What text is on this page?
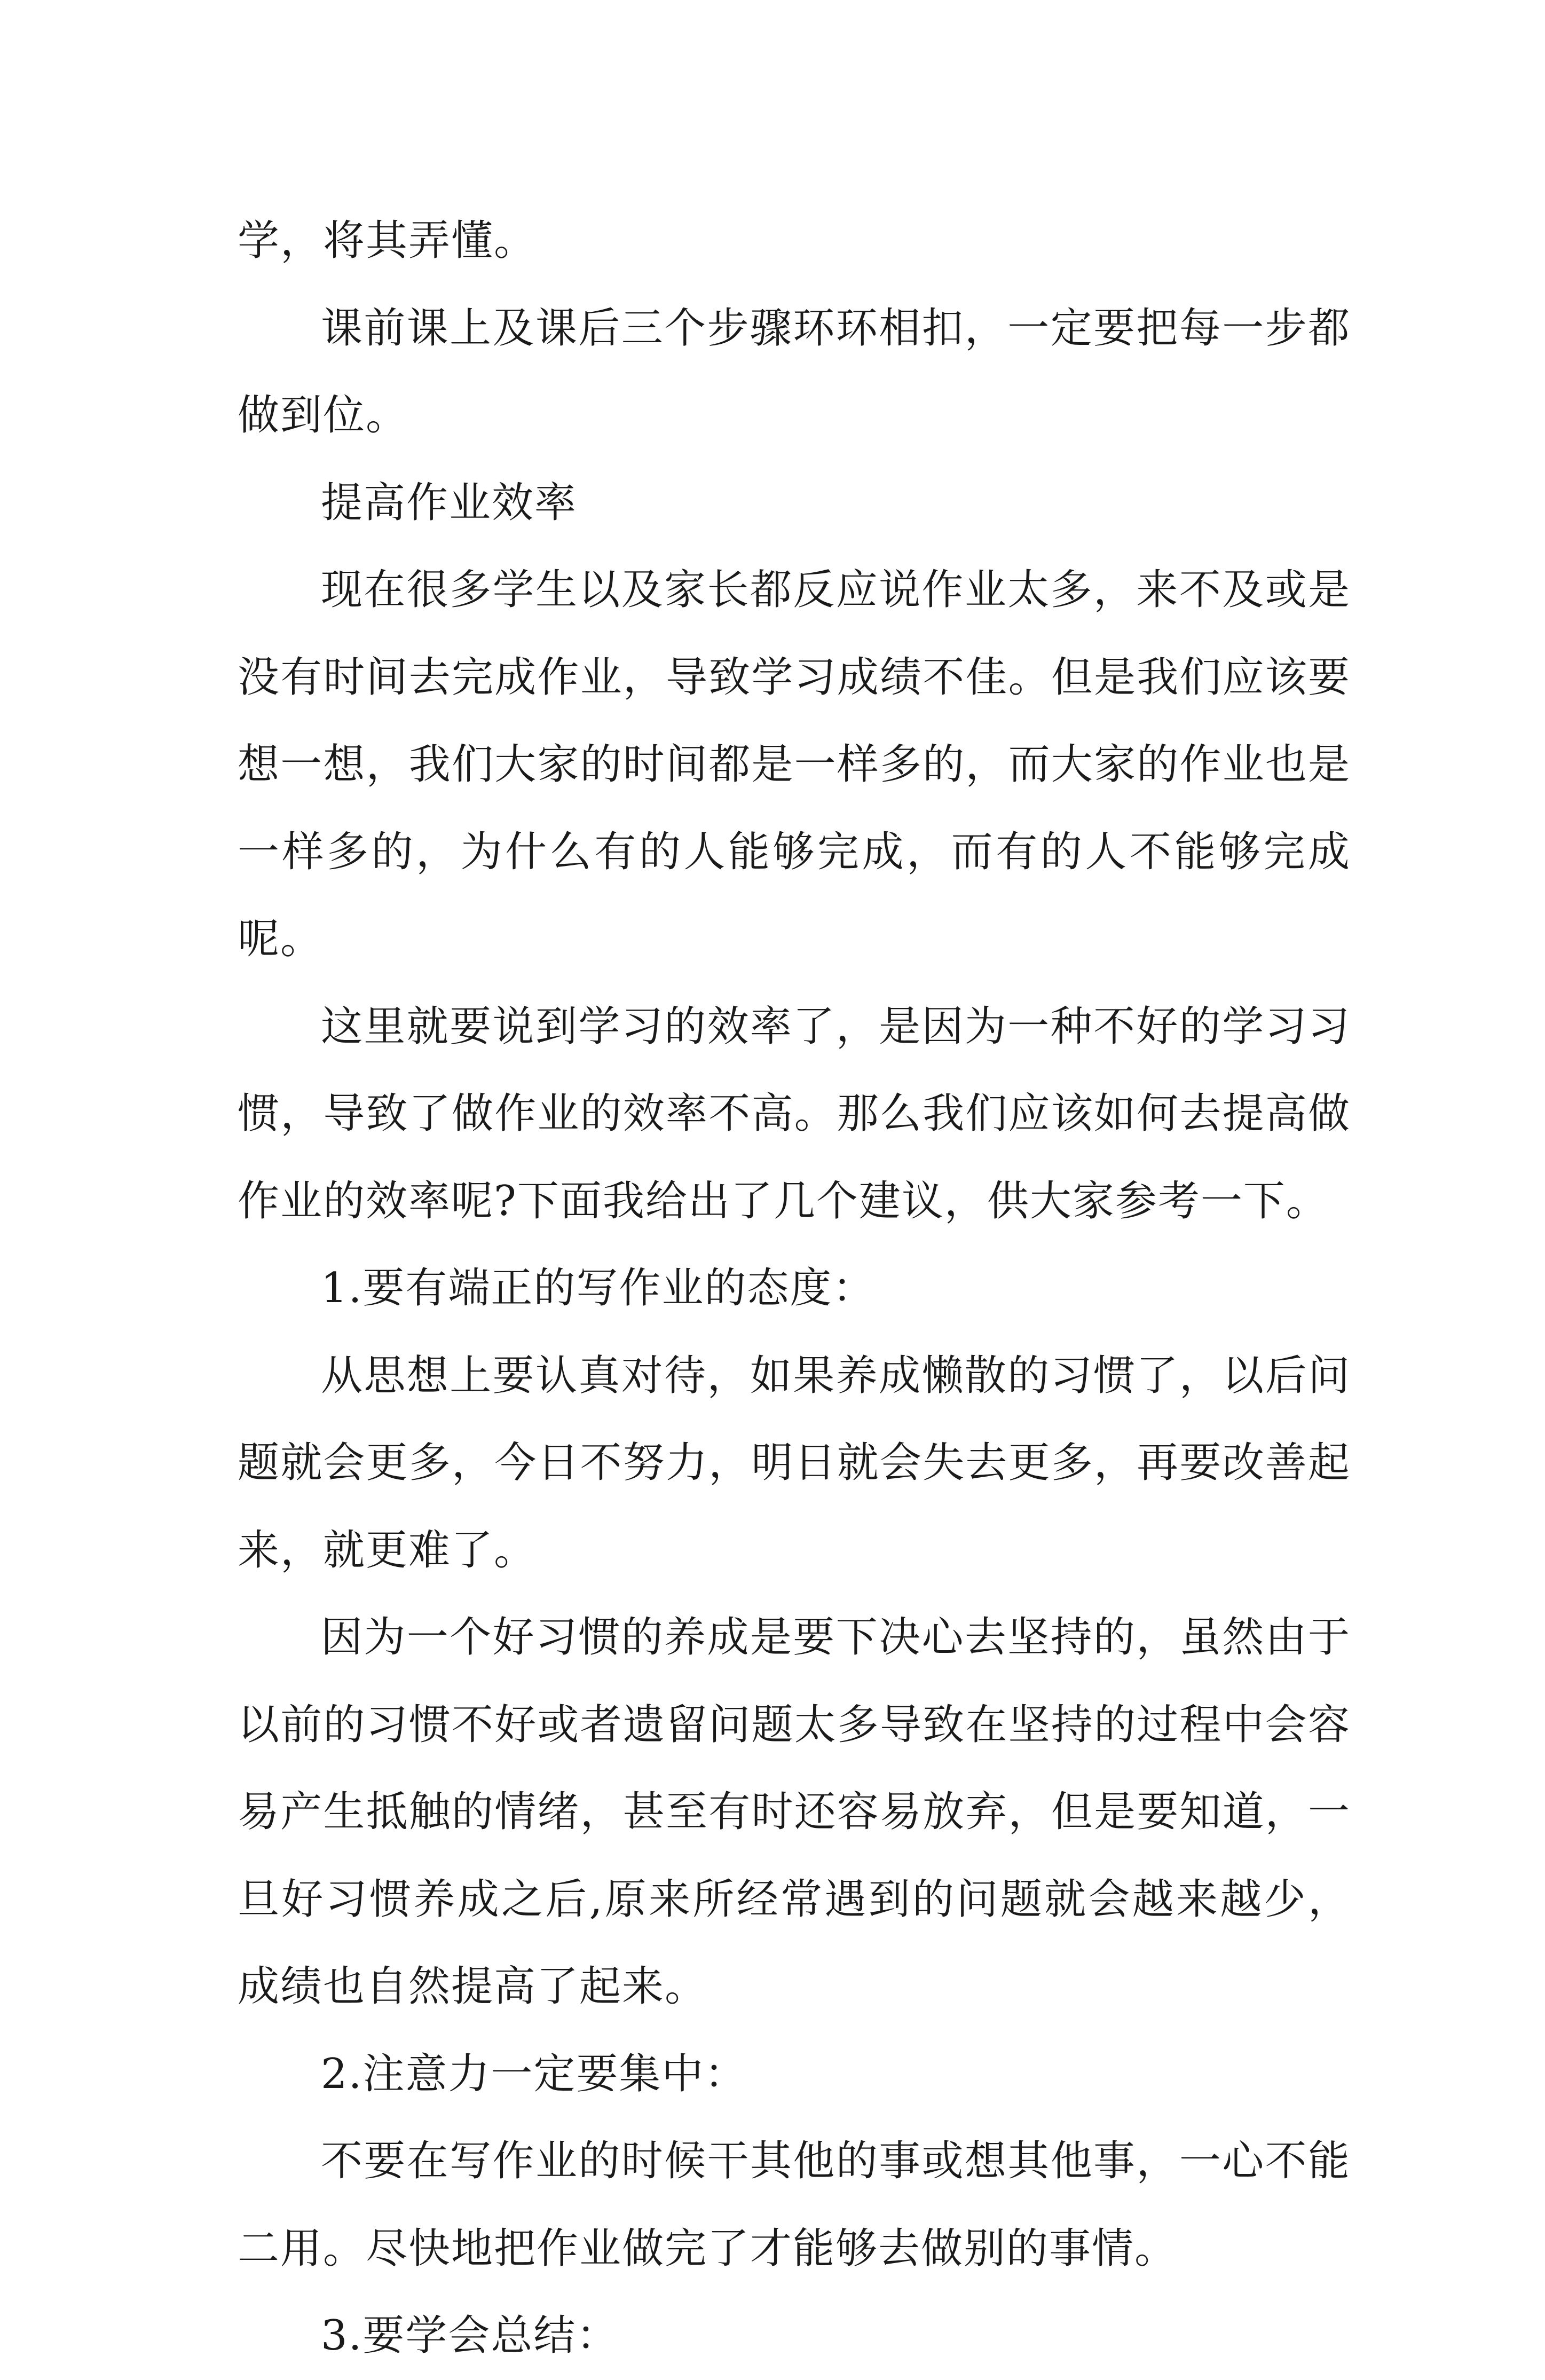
学，将其弄懂。

课前课上及课后三个步骤环环相扣，一定要把每一步都做到位。

提高作业效率

现在很多学生以及家长都反应说作业太多，来不及或是没有时间去完成作业，导致学习成绩不佳。但是我们应该要想一想，我们大家的时间都是一样多的，而大家的作业也是一样多的，为什么有的人能够完成，而有的人不能够完成呢。

这里就要说到学习的效率了，是因为一种不好的学习习惯，导致了做作业的效率不高。那么我们应该如何去提高做作业的效率呢?下面我给出了几个建议，供大家参考一下。

1.要有端正的写作业的态度：

从思想上要认真对待，如果养成懒散的习惯了，以后问题就会更多，今日不努力，明日就会失去更多，再要改善起来，就更难了。

因为一个好习惯的养成是要下决心去坚持的，虽然由于以前的习惯不好或者遗留问题太多导致在坚持的过程中会容易产生抵触的情绪，甚至有时还容易放弃，但是要知道，一旦好习惯养成之后,原来所经常遇到的问题就会越来越少，成绩也自然提高了起来。

2.注意力一定要集中：

不要在写作业的时候干其他的事或想其他事，一心不能二用。尽快地把作业做完了才能够去做别的事情。

3.要学会总结：
